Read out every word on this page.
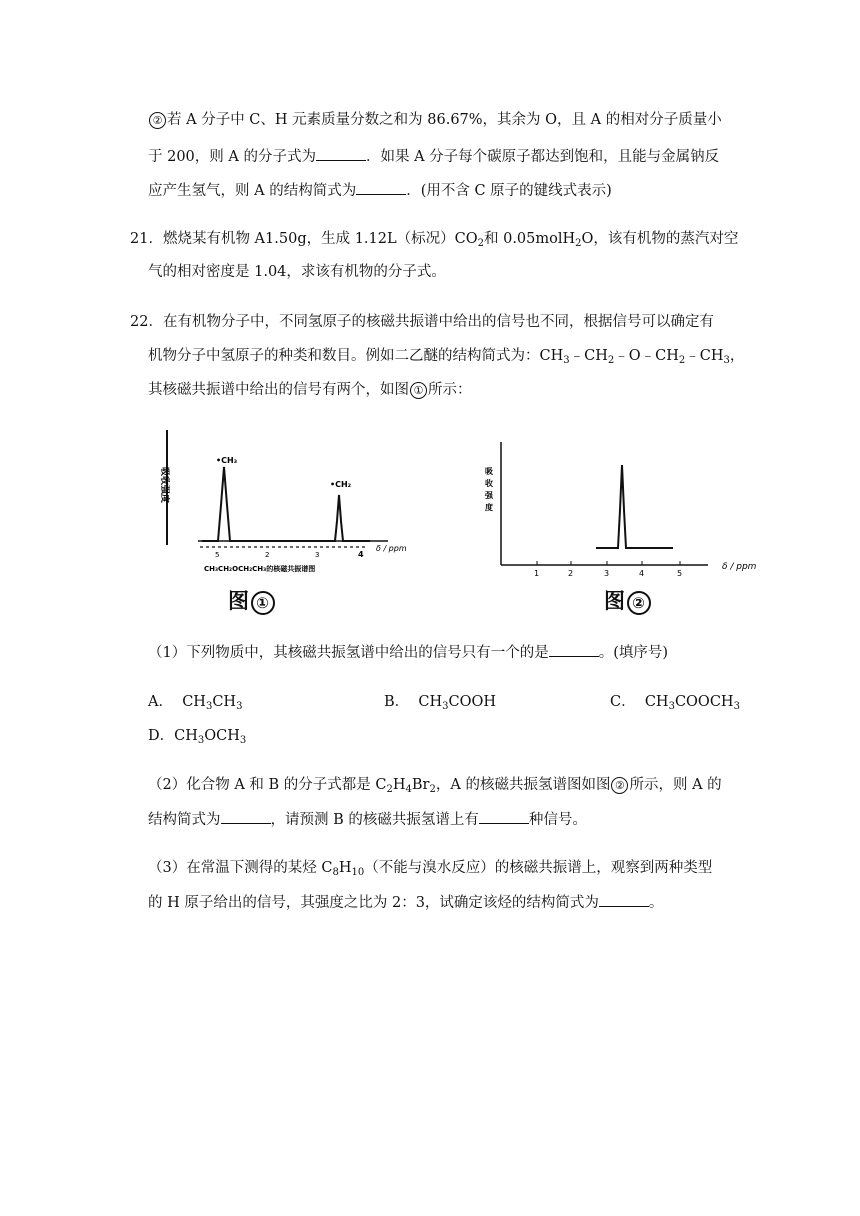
② 若 A 分子中 C、H 元素质量分数之和为 86.67%，其余为 O，且 A 的相对分子质量小
于 200，则 A 的分子式为	．如果 A 分子每个碳原子都达到饱和，且能与金属钠反
应产生氢气，则 A 的结构简式为	．(用不含 C 原子的键线式表示)
21．燃烧某有机物 A1.50g，生成 1.12L（标况）$CO_2$和 0.05molH$_2$O，该有机物的蒸汽对空
气的相对密度是 1.04，求该有机物的分子式。
22．在有机物分子中，不同氢原子的核磁共振谱中给出的信号也不同，根据信号可以确定有
机物分子中氢原子的种类和数目。例如二乙醚的结构简式为：$CH_3﹣CH_2﹣O﹣CH_2﹣CH_3$，
其核磁共振谱中给出的信号有两个，如图 ① 所示：
吸收强度
•CH₃
•CH₂
5	2	3	4
δ / ppm
CH₃CH₂OCH₂CH₃的核磁共振谱图
图 ①
吸
收
强
度
1	2	3	4	5
δ / ppm
图 ②
（1）下列物质中，其核磁共振氢谱中给出的信号只有一个的是	。(填序号)
A． $CH_3CH_3$	B． $CH_3COOH$	C． $CH_3COOCH_3$
D．$CH_3OCH_3$
（2）化合物 A 和 B 的分子式都是 $C_2H_4Br_2$，A 的核磁共振氢谱图如图 ② 所示，则 A 的
结构简式为	，请预测 B 的核磁共振氢谱上有	种信号。
（3）在常温下测得的某烃 $C_8H_{10}$（不能与溴水反应）的核磁共振谱上，观察到两种类型
的 H 原子给出的信号，其强度之比为 2：3，试确定该烃的结构简式为	。
